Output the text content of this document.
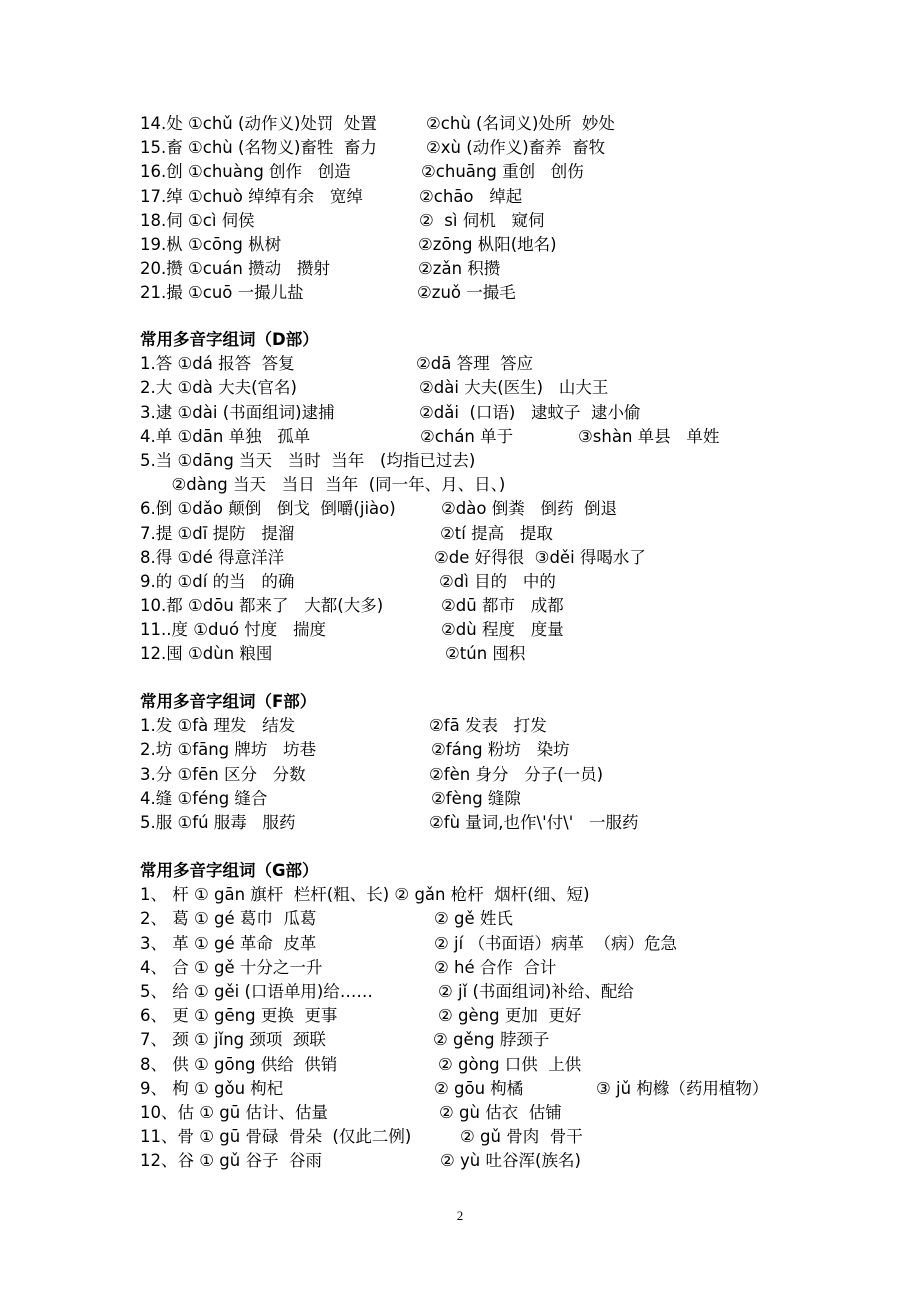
14.处 ①chǔ (动作义)处罚  处置	②chù (名词义)处所  妙处
15.畜 ①chù (名物义)畜牲  畜力	②xù (动作义)畜养  畜牧
16.创 ①chuàng 创作   创造	②chuāng 重创   创伤
17.绰 ①chuò 绰绰有余   宽绰	②chāo   绰起
18.伺 ①cì 伺侯	②  sì 伺机   窥伺
19.枞 ①cōng 枞树	②zōng 枞阳(地名)
20.攒 ①cuán 攒动   攒射	②zǎn 积攒
21.撮 ①cuō 一撮儿盐	②zuǒ 一撮毛
常用多音字组词（D部）
1.答 ①dá 报答  答复	②dā 答理  答应
2.大 ①dà 大夫(官名)	②dài 大夫(医生)   山大王
3.逮 ①dài (书面组词)逮捕	②dǎi  (口语)   逮蚊子  逮小偷
4.单 ①dān 单独   孤单	②chán 单于	③shàn 单县   单姓
5.当 ①dāng 当天   当时  当年   (均指已过去)
②dàng 当天   当日  当年  (同一年、月、日、)
6.倒 ①dǎo 颠倒   倒戈  倒嚼(jiào)	②dào 倒粪   倒药  倒退
7.提 ①dī 提防   提溜	②tí 提高   提取
8.得 ①dé 得意洋洋	②de 好得很  ③děi 得喝水了
9.的 ①dí 的当   的确	②dì 目的   中的
10.都 ①dōu 都来了   大都(大多)	②dū 都市   成都
11..度 ①duó 忖度   揣度	②dù 程度   度量
12.囤 ①dùn 粮囤	②tún 囤积
常用多音字组词（F部）
1.发 ①fà 理发   结发	②fā 发表   打发
2.坊 ①fāng 牌坊   坊巷	②fáng 粉坊   染坊
3.分 ①fēn 区分   分数	②fèn 身分   分子(一员)
4.缝 ①féng 缝合	②fèng 缝隙
5.服 ①fú 服毒   服药	②fù 量词,也作\'付\'   一服药
常用多音字组词（G部）
1、 杆 ① gān 旗杆  栏杆(粗、长) ② gǎn 枪杆  烟杆(细、短)
2、 葛 ① gé 葛巾  瓜葛	② gě 姓氏
3、 革 ① gé 革命  皮革	② jí （书面语）病革  （病）危急
4、 合 ① gě 十分之一升	② hé 合作  合计
5、 给 ① gěi (口语单用)给……	② jǐ (书面组词)补给、配给
6、 更 ① gēng 更换  更事	② gèng 更加  更好
7、 颈 ① jǐng 颈项  颈联	② gěng 脖颈子
8、 供 ① gōng 供给  供销	② gòng 口供  上供
9、 枸 ① gǒu 枸杞	② gōu 枸橘	③ jǔ 枸橼（药用植物）
10、估 ① gū 估计、估量	② gù 估衣  估铺
11、骨 ① gū 骨碌  骨朵  (仅此二例)	② gǔ 骨肉  骨干
12、谷 ① gǔ 谷子  谷雨	② yù 吐谷浑(族名)
2
